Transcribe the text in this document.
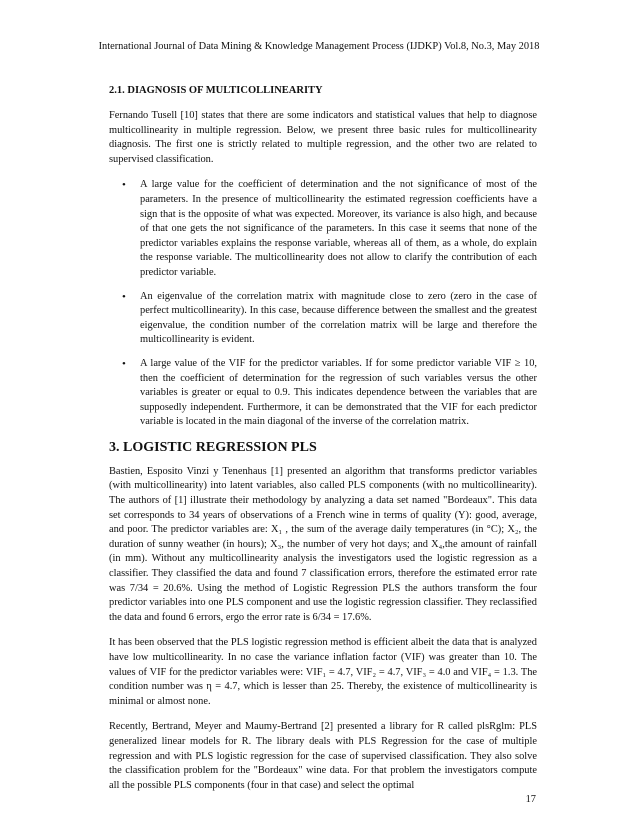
International Journal of Data Mining & Knowledge Management Process (IJDKP) Vol.8, No.3, May 2018
2.1. DIAGNOSIS OF MULTICOLLINEARITY

Fernando Tusell [10] states that there are some indicators and statistical values that help to diagnose multicollinearity in multiple regression. Below, we present three basic rules for multicollinearity diagnosis. The first one is strictly related to multiple regression, and the other two are related to supervised classification.

• A large value for the coefficient of determination and the not significance of most of the parameters. In the presence of multicollinearity the estimated regression coefficients have a sign that is the opposite of what was expected. Moreover, its variance is also high, and because of that one gets the not significance of the parameters. In this case it seems that none of the predictor variables explains the response variable, whereas all of them, as a whole, do explain the response variable. The multicollinearity does not allow to clarify the contribution of each predictor variable.
• An eigenvalue of the correlation matrix with magnitude close to zero (zero in the case of perfect multicollinearity). In this case, because difference between the smallest and the greatest eigenvalue, the condition number of the correlation matrix will be large and therefore the multicollinearity is evident.
• A large value of the VIF for the predictor variables. If for some predictor variable VIF ≥ 10, then the coefficient of determination for the regression of such variables versus the other variables is greater or equal to 0.9. This indicates dependence between the variables that are supposedly independent. Furthermore, it can be demonstrated that the VIF for each predictor variable is located in the main diagonal of the inverse of the correlation matrix.
3. LOGISTIC REGRESSION PLS

Bastien, Esposito Vinzi y Tenenhaus [1] presented an algorithm that transforms predictor variables (with multicollinearity) into latent variables, also called PLS components (with no multicollinearity). The authors of [1] illustrate their methodology by analyzing a data set named "Bordeaux". This data set corresponds to 34 years of observations of a French wine in terms of quality (Y): good, average, and poor. The predictor variables are: X₁ , the sum of the average daily temperatures (in °C); X₂, the duration of sunny weather (in hours); X₃, the number of very hot days; and X₄,the amount of rainfall (in mm). Without any multicollinearity analysis the investigators used the logistic regression as a classifier. They classified the data and found 7 classification errors, therefore the estimated error rate was 7/34 = 20.6%. Using the method of Logistic Regression PLS the authors transform the four predictor variables into one PLS component and use the logistic regression classifier. They reclassified the data and found 6 errors, ergo the error rate is 6/34 = 17.6%.

It has been observed that the PLS logistic regression method is efficient albeit the data that is analyzed have low multicollinearity. In no case the variance inflation factor (VIF) was greater than 10. The values of VIF for the predictor variables were: VIF₁ = 4.7, VIF₂ = 4.7, VIF₃ = 4.0 and VIF₄ = 1.3. The condition number was η = 4.7, which is lesser than 25. Thereby, the existence of multicollinearity is minimal or almost none.

Recently, Bertrand, Meyer and Maumy-Bertrand [2] presented a library for R called plsRglm: PLS generalized linear models for R. The library deals with PLS Regression for the case of multiple regression and with PLS logistic regression for the case of supervised classification. They also solve the classification problem for the "Bordeaux" wine data. For that problem the investigators compute all the possible PLS components (four in that case) and select the optimal

17
